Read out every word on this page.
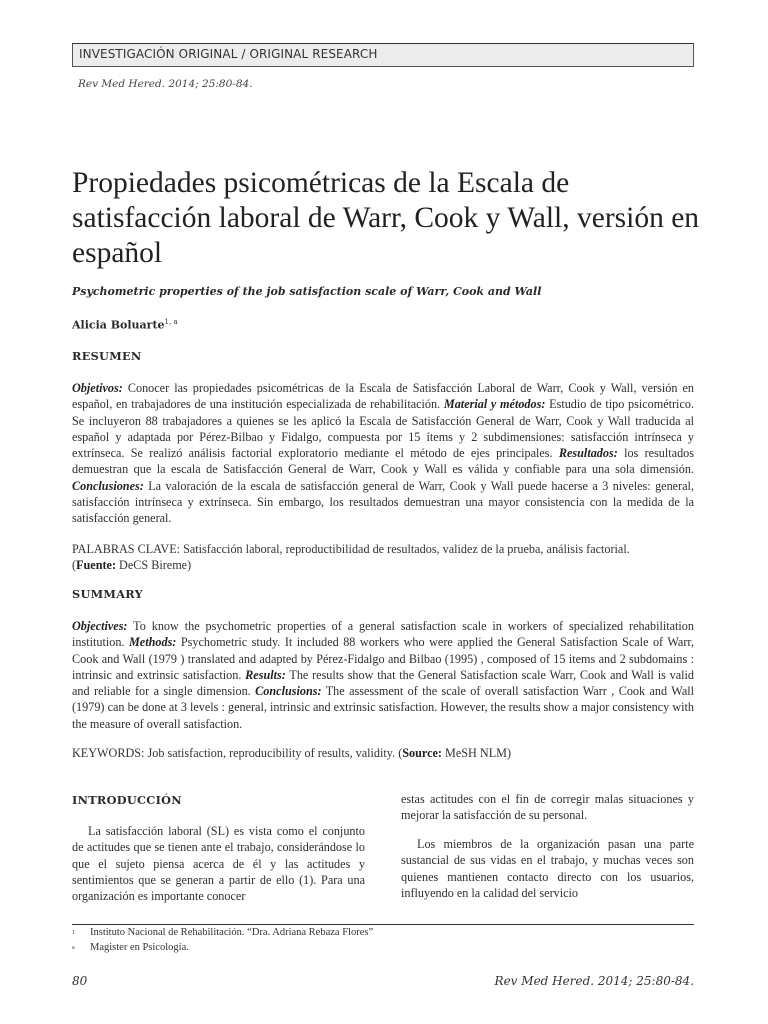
INVESTIGACIÓN ORIGINAL / ORIGINAL RESEARCH
Rev Med Hered. 2014; 25:80-84.
Propiedades psicométricas de la Escala de satisfacción laboral de Warr, Cook y Wall, versión en español
Psychometric properties of the job satisfaction scale of Warr, Cook and Wall
Alicia Boluarte$^{1, a}$
RESUMEN

Objetivos: Conocer las propiedades psicométricas de la Escala de Satisfacción Laboral de Warr, Cook y Wall, versión en español, en trabajadores de una institución especializada de rehabilitación. Material y métodos: Estudio de tipo psicométrico. Se incluyeron 88 trabajadores a quienes se les aplicó la Escala de Satisfacción General de Warr, Cook y Wall traducida al español y adaptada por Pérez-Bilbao y Fidalgo, compuesta por 15 ítems y 2 subdimensiones: satisfacción intrínseca y extrínseca. Se realizó análisis factorial exploratorio mediante el método de ejes principales. Resultados: los resultados demuestran que la escala de Satisfacción General de Warr, Cook y Wall es válida y confiable para una sola dimensión. Conclusiones: La valoración de la escala de satisfacción general de Warr, Cook y Wall puede hacerse a 3 niveles: general, satisfacción intrínseca y extrínseca. Sin embargo, los resultados demuestran una mayor consistencia con la medida de la satisfacción general.

PALABRAS CLAVE: Satisfacción laboral, reproductibilidad de resultados, validez de la prueba, análisis factorial. (Fuente: DeCS Bireme)

SUMMARY

Objectives: To know the psychometric properties of a general satisfaction scale in workers of specialized rehabilitation institution. Methods: Psychometric study. It included 88 workers who were applied the General Satisfaction Scale of Warr, Cook and Wall (1979 ) translated and adapted by Pérez-Fidalgo and Bilbao (1995) , composed of 15 items and 2 subdomains : intrinsic and extrinsic satisfaction. Results: The results show that the General Satisfaction scale Warr, Cook and Wall is valid and reliable for a single dimension. Conclusions: The assessment of the scale of overall satisfaction Warr , Cook and Wall (1979) can be done at 3 levels : general, intrinsic and extrinsic satisfaction. However, the results show a major consistency with the measure of overall satisfaction.

KEYWORDS: Job satisfaction, reproducibility of results, validity. (Source: MeSH NLM)

INTRODUCCIÓN

La satisfacción laboral (SL) es vista como el conjunto de actitudes que se tienen ante el trabajo, considerándose lo que el sujeto piensa acerca de él y las actitudes y sentimientos que se generan a partir de ello (1). Para una organización es importante conocer

estas actitudes con el fin de corregir malas situaciones y mejorar la satisfacción de su personal.

Los miembros de la organización pasan una parte sustancial de sus vidas en el trabajo, y muchas veces son quienes mantienen contacto directo con los usuarios, influyendo en la calidad del servicio

1 Instituto Nacional de Rehabilitación. “Dra. Adriana Rebaza Flores”
a Magister en Psicología.
80	Rev Med Hered. 2014; 25:80-84.
